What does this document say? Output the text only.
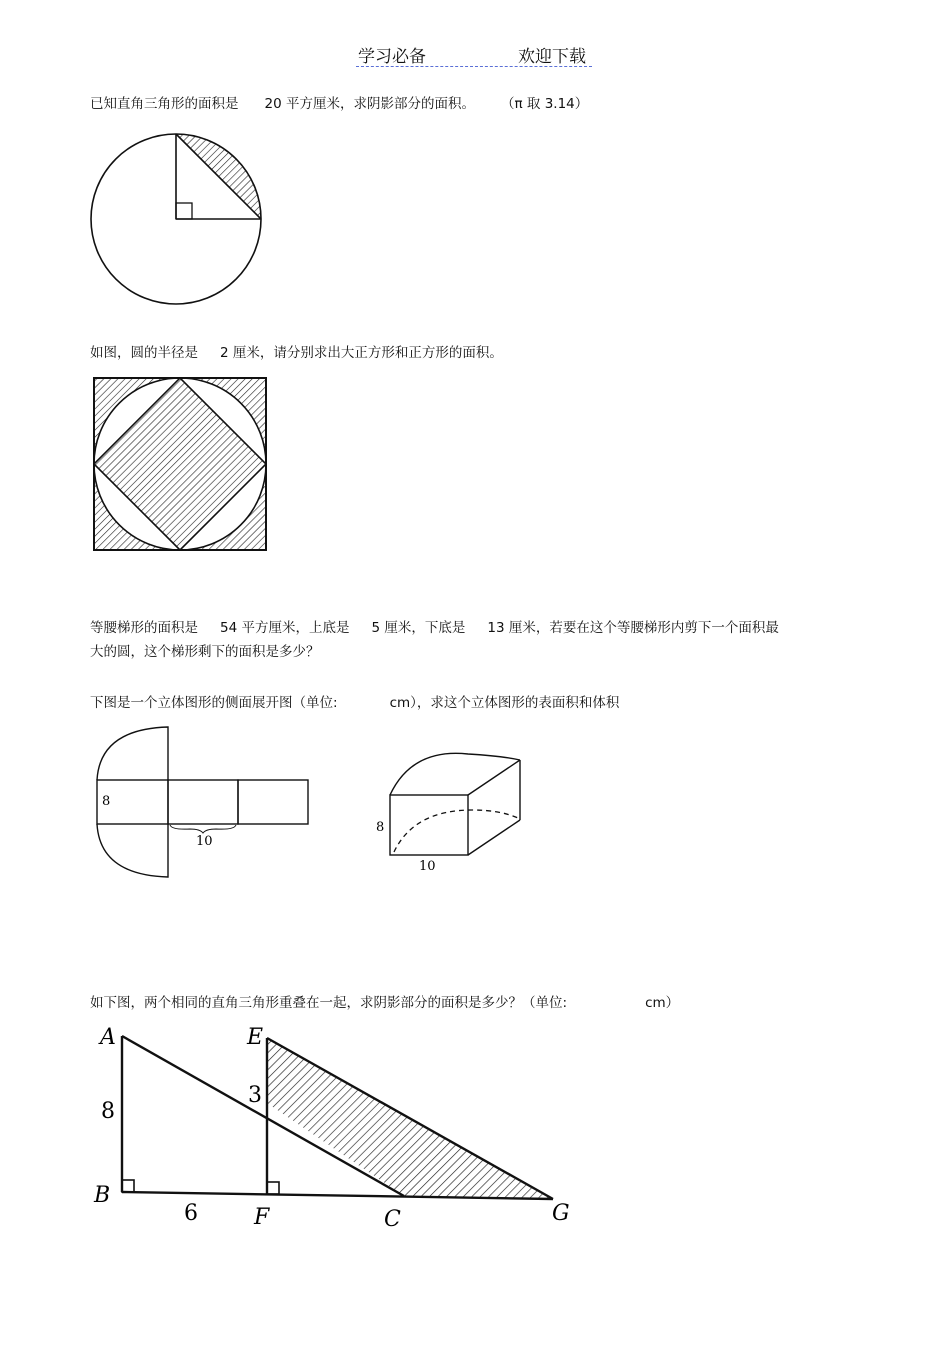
学习必备	欢迎下载
已知直角三角形的面积是 20 平方厘米，求阴影部分的面积。 （π 取 3.14）
如图，圆的半径是 2 厘米，请分别求出大正方形和正方形的面积。
等腰梯形的面积是 54 平方厘米，上底是 5 厘米，下底是 13 厘米，若要在这个等腰梯形内剪下一个面积最
大的圆，这个梯形剩下的面积是多少？
下图是一个立体图形的侧面展开图（单位:	cm），求这个立体图形的表面积和体积
8
10
8
10
如下图，两个相同的直角三角形重叠在一起，求阴影部分的面积是多少？（单位:	cm）
A	E
8
3
B
6	F	C	G
